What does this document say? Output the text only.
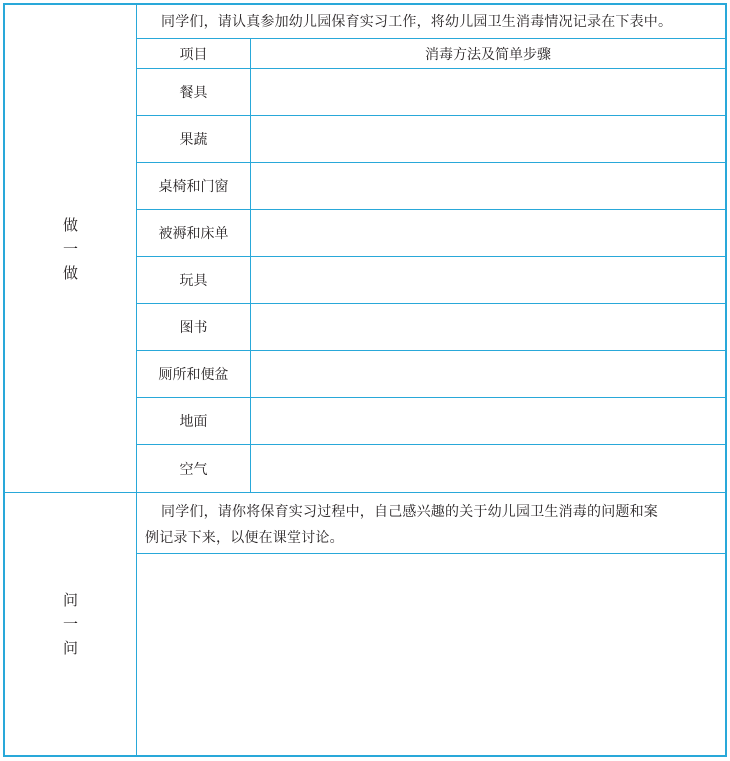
做
一
做
同学们，请认真参加幼儿园保育实习工作，将幼儿园卫生消毒情况记录在下表中。
项目	消毒方法及简单步骤
餐具
果蔬
桌椅和门窗
被褥和床单
玩具
图书
厕所和便盆
地面
空气
问
一
问
同学们，请你将保育实习过程中，自己感兴趣的关于幼儿园卫生消毒的问题和案
例记录下来，以便在课堂讨论。
